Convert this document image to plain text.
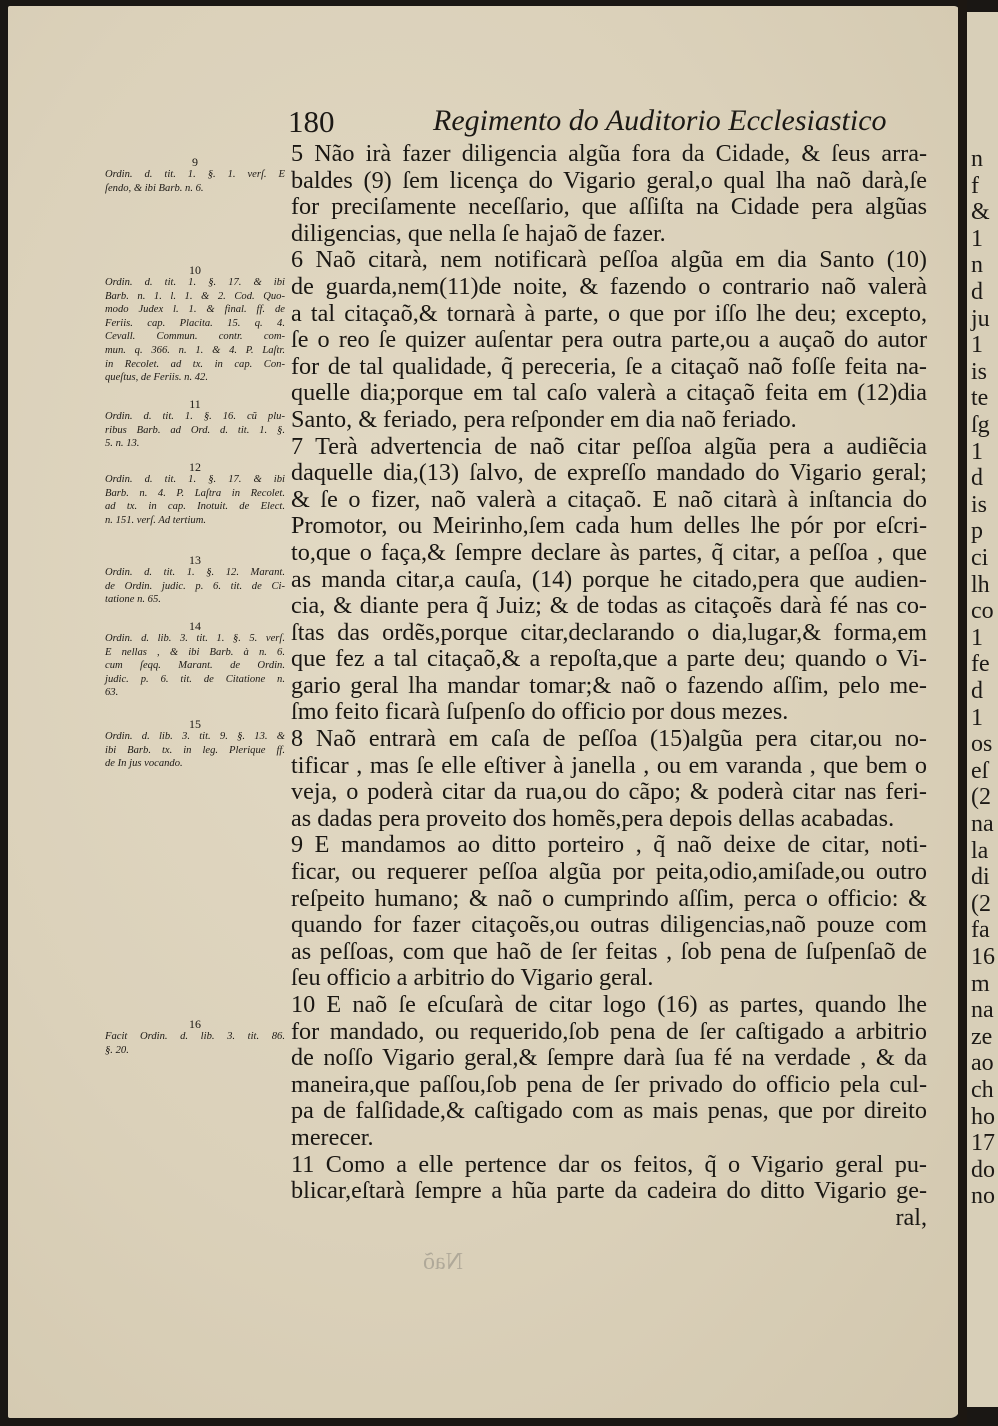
180	Regimento do Auditorio Ecclesiastico
5 Não irà fazer diligencia algũa fora da Cidade, & ſeus arra-
baldes (9) ſem licença do Vigario geral,o qual lha naõ darà,ſe
for preciſamente neceſſario, que aſſiſta na Cidade pera algũas
diligencias, que nella ſe hajaõ de fazer.
6 Naõ citarà, nem notificarà peſſoa algũa em dia Santo (10)
de guarda,nem(11)de noite, & fazendo o contrario naõ valerà
a tal citaçaõ,& tornarà à parte, o que por iſſo lhe deu; excepto,
ſe o reo ſe quizer auſentar pera outra parte,ou a auçaõ do autor
for de tal qualidade, q̃ pereceria, ſe a citaçaõ naõ foſſe feita na-
quelle dia;porque em tal caſo valerà a citaçaõ feita em (12)dia
Santo, & feriado, pera reſponder em dia naõ feriado.
7 Terà advertencia de naõ citar peſſoa algũa pera a audiẽcia
daquelle dia,(13) ſalvo, de expreſſo mandado do Vigario geral;
& ſe o fizer, naõ valerà a citaçaõ. E naõ citarà à inſtancia do
Promotor, ou Meirinho,ſem cada hum delles lhe pór por eſcri-
to,que o faça,& ſempre declare às partes, q̃ citar, a peſſoa , que
as manda citar,a cauſa, (14) porque he citado,pera que audien-
cia, & diante pera q̃ Juiz; & de todas as citaçoẽs darà fé nas co-
ſtas das ordẽs,porque citar,declarando o dia,lugar,& forma,em
que fez a tal citaçaõ,& a repoſta,que a parte deu; quando o Vi-
gario geral lha mandar tomar;& naõ o fazendo aſſim, pelo me-
ſmo feito ficarà ſuſpenſo do officio por dous mezes.
8 Naõ entrarà em caſa de peſſoa (15)algũa pera citar,ou no-
tificar , mas ſe elle eſtiver à janella , ou em varanda , que bem o
veja, o poderà citar da rua,ou do cãpo; & poderà citar nas feri-
as dadas pera proveito dos homẽs,pera depois dellas acabadas.
9 E mandamos ao ditto porteiro , q̃ naõ deixe de citar, noti-
ficar, ou requerer peſſoa algũa por peita,odio,amiſade,ou outro
reſpeito humano; & naõ o cumprindo aſſim, perca o officio: &
quando for fazer citaçoẽs,ou outras diligencias,naõ pouze com
as peſſoas, com que haõ de ſer feitas , ſob pena de ſuſpenſaõ de
ſeu officio a arbitrio do Vigario geral.
10 E naõ ſe eſcuſarà de citar logo (16) as partes, quando lhe
for mandado, ou requerido,ſob pena de ſer caſtigado a arbitrio
de noſſo Vigario geral,& ſempre darà ſua fé na verdade , & da
maneira,que paſſou,ſob pena de ſer privado do officio pela cul-
pa de falſidade,& caſtigado com as mais penas, que por direito
merecer.
11 Como a elle pertence dar os feitos, q̃ o Vigario geral pu-
blicar,eſtarà ſempre a hũa parte da cadeira do ditto Vigario ge-
ral,
9
Ordin. d. tit. 1. §. 1. verſ. E
ſendo, & ibi Barb. n. 6.
10
Ordin. d. tit. 1. §. 17. & ibi
Barb. n. 1. l. 1. & 2. Cod. Quo-
modo Judex l. 1. & final. ff. de
Feriis. cap. Placita. 15. q. 4.
Cevall. Commun. contr. com-
mun. q. 366. n. 1. & 4. P. Laſtr.
in Recolet. ad tx. in cap. Con-
queſtus, de Feriis. n. 42.
11
Ordin. d. tit. 1. §. 16. cũ plu-
ribus Barb. ad Ord. d. tit. 1. §.
5. n. 13.
12
Ordin. d. tit. 1. §. 17. & ibi
Barb. n. 4. P. Laſtra in Recolet.
ad tx. in cap. Inotuit. de Elect.
n. 151. verſ. Ad tertium.
13
Ordin. d. tit. 1. §. 12. Marant.
de Ordin. judic. p. 6. tit. de Ci-
tatione n. 65.
14
Ordin. d. lib. 3. tit. 1. §. 5. verſ.
E nellas , & ibi Barb. à n. 6.
cum ſeqq. Marant. de Ordin.
judic. p. 6. tit. de Citatione n.
63.
15
Ordin. d. lib. 3. tit. 9. §. 13. &
ibi Barb. tx. in leg. Plerique ff.
de In jus vocando.
16
Facit Ordin. d. lib. 3. tit. 86.
§. 20.
Naõ
n
f
&
1
n
d
ju
1
is
te
ſg
1
d
is
p
ci
lh
co
1
fe
d
1
os
eſ
(2
na
la
di
(2
fa
16
m
na
ze
ao
ch
ho
17
do
no
